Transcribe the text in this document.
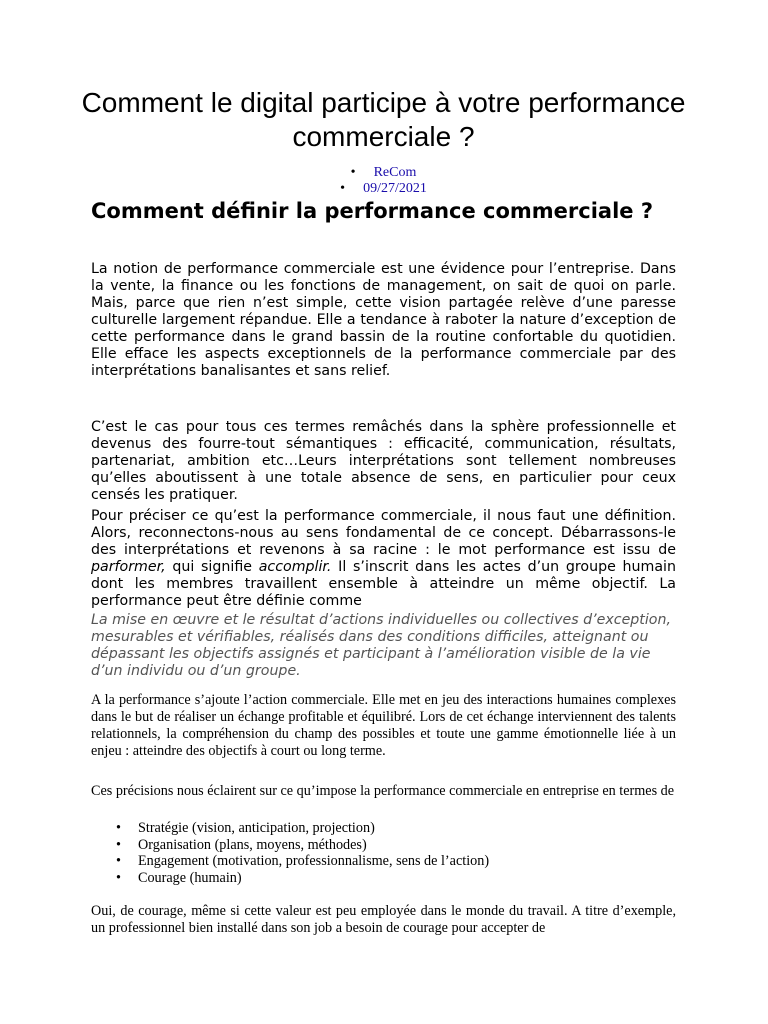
Comment le digital participe à votre performance commerciale ?
• ReCom
• 09/27/2021
Comment définir la performance commerciale ?

La notion de performance commerciale est une évidence pour l’entreprise. Dans la vente, la finance ou les fonctions de management, on sait de quoi on parle. Mais, parce que rien n’est simple, cette vision partagée relève d’une paresse culturelle largement répandue. Elle a tendance à raboter la nature d’exception de cette performance dans le grand bassin de la routine confortable du quotidien. Elle efface les aspects exceptionnels de la performance commerciale par des interprétations banalisantes et sans relief.

C’est le cas pour tous ces termes remâchés dans la sphère professionnelle et devenus des fourre-tout sémantiques : efficacité, communication, résultats, partenariat, ambition etc…Leurs interprétations sont tellement nombreuses qu’elles aboutissent à une totale absence de sens, en particulier pour ceux censés les pratiquer.

Pour préciser ce qu’est la performance commerciale, il nous faut une définition. Alors, reconnectons-nous au sens fondamental de ce concept. Débarrassons-le des interprétations et revenons à sa racine : le mot performance est issu de parformer, qui signifie accomplir. Il s’inscrit dans les actes d’un groupe humain dont les membres travaillent ensemble à atteindre un même objectif. La performance peut être définie comme

La mise en œuvre et le résultat d’actions individuelles ou collectives d’exception, mesurables et vérifiables, réalisés dans des conditions difficiles, atteignant ou dépassant les objectifs assignés et participant à l’amélioration visible de la vie d’un individu ou d’un groupe.

A la performance s’ajoute l’action commerciale. Elle met en jeu des interactions humaines complexes dans le but de réaliser un échange profitable et équilibré. Lors de cet échange interviennent des talents relationnels, la compréhension du champ des possibles et toute une gamme émotionnelle liée à un enjeu : atteindre des objectifs à court ou long terme.

Ces précisions nous éclairent sur ce qu’impose la performance commerciale en entreprise en termes de

• Stratégie (vision, anticipation, projection)
• Organisation (plans, moyens, méthodes)
• Engagement (motivation, professionnalisme, sens de l’action)
• Courage (humain)

Oui, de courage, même si cette valeur est peu employée dans le monde du travail. A titre d’exemple, un professionnel bien installé dans son job a besoin de courage pour accepter de
